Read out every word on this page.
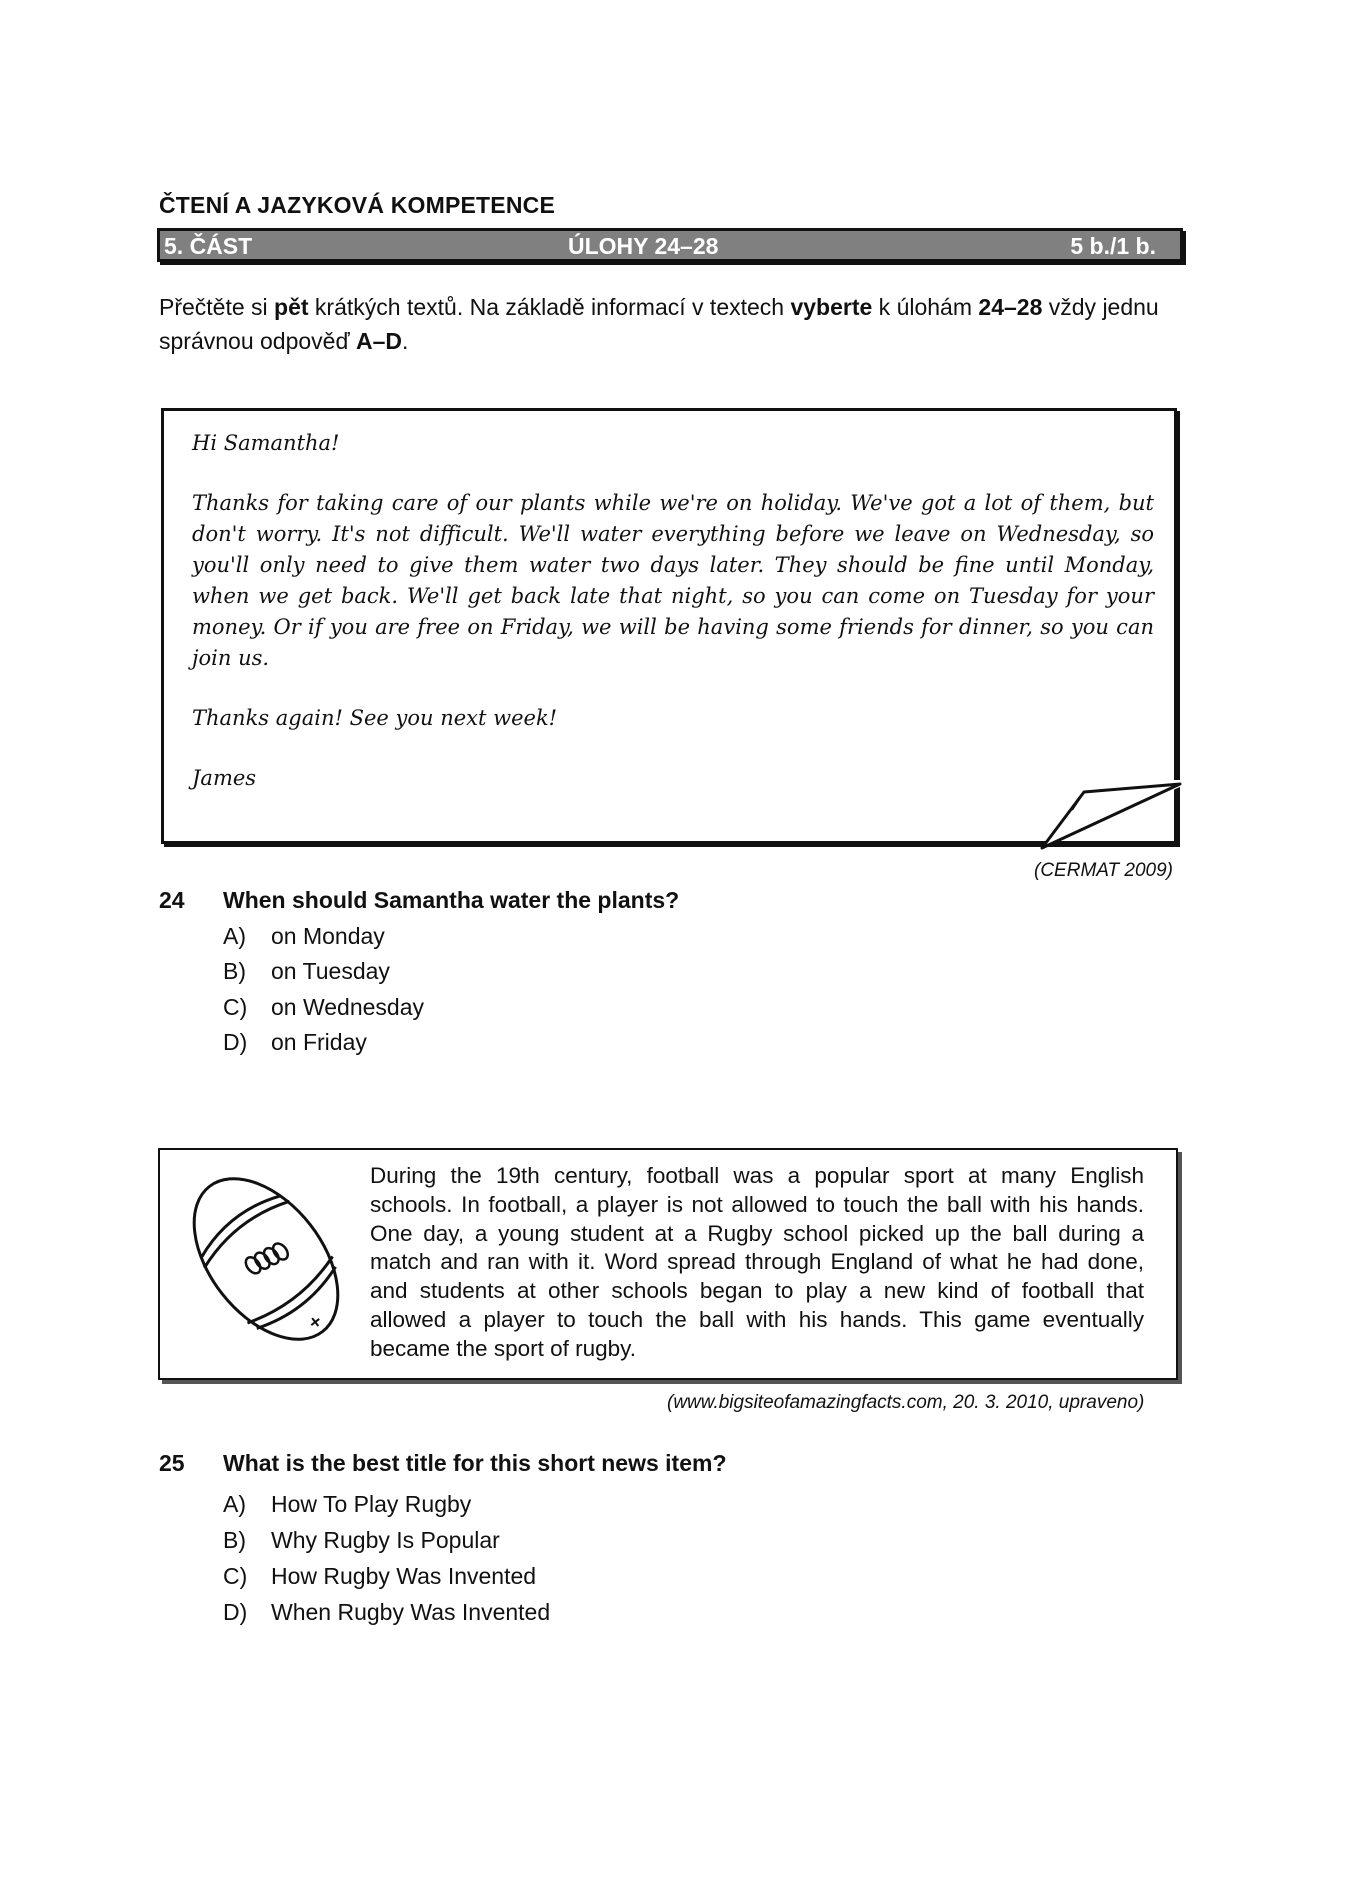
ČTENÍ A JAZYKOVÁ KOMPETENCE
5. ČÁST	ÚLOHY 24–28	5 b./1 b.
Přečtěte si pět krátkých textů. Na základě informací v textech vyberte k úlohám 24–28 vždy jednu správnou odpověď A–D.

Hi Samantha!

Thanks for taking care of our plants while we're on holiday. We've got a lot of them, but don't worry. It's not difficult. We'll water everything before we leave on Wednesday, so you'll only need to give them water two days later. They should be fine until Monday, when we get back. We'll get back late that night, so you can come on Tuesday for your money. Or if you are free on Friday, we will be having some friends for dinner, so you can join us.

Thanks again! See you next week!

James

(CERMAT 2009)
24 When should Samantha water the plants?
A) on Monday
B) on Tuesday
C) on Wednesday
D) on Friday
During the 19th century, football was a popular sport at many English schools. In football, a player is not allowed to touch the ball with his hands. One day, a young student at a Rugby school picked up the ball during a match and ran with it. Word spread through England of what he had done, and students at other schools began to play a new kind of football that allowed a player to touch the ball with his hands. This game eventually became the sport of rugby.
(www.bigsiteofamazingfacts.com, 20. 3. 2010, upraveno)
25 What is the best title for this short news item?
A) How To Play Rugby
B) Why Rugby Is Popular
C) How Rugby Was Invented
D) When Rugby Was Invented
